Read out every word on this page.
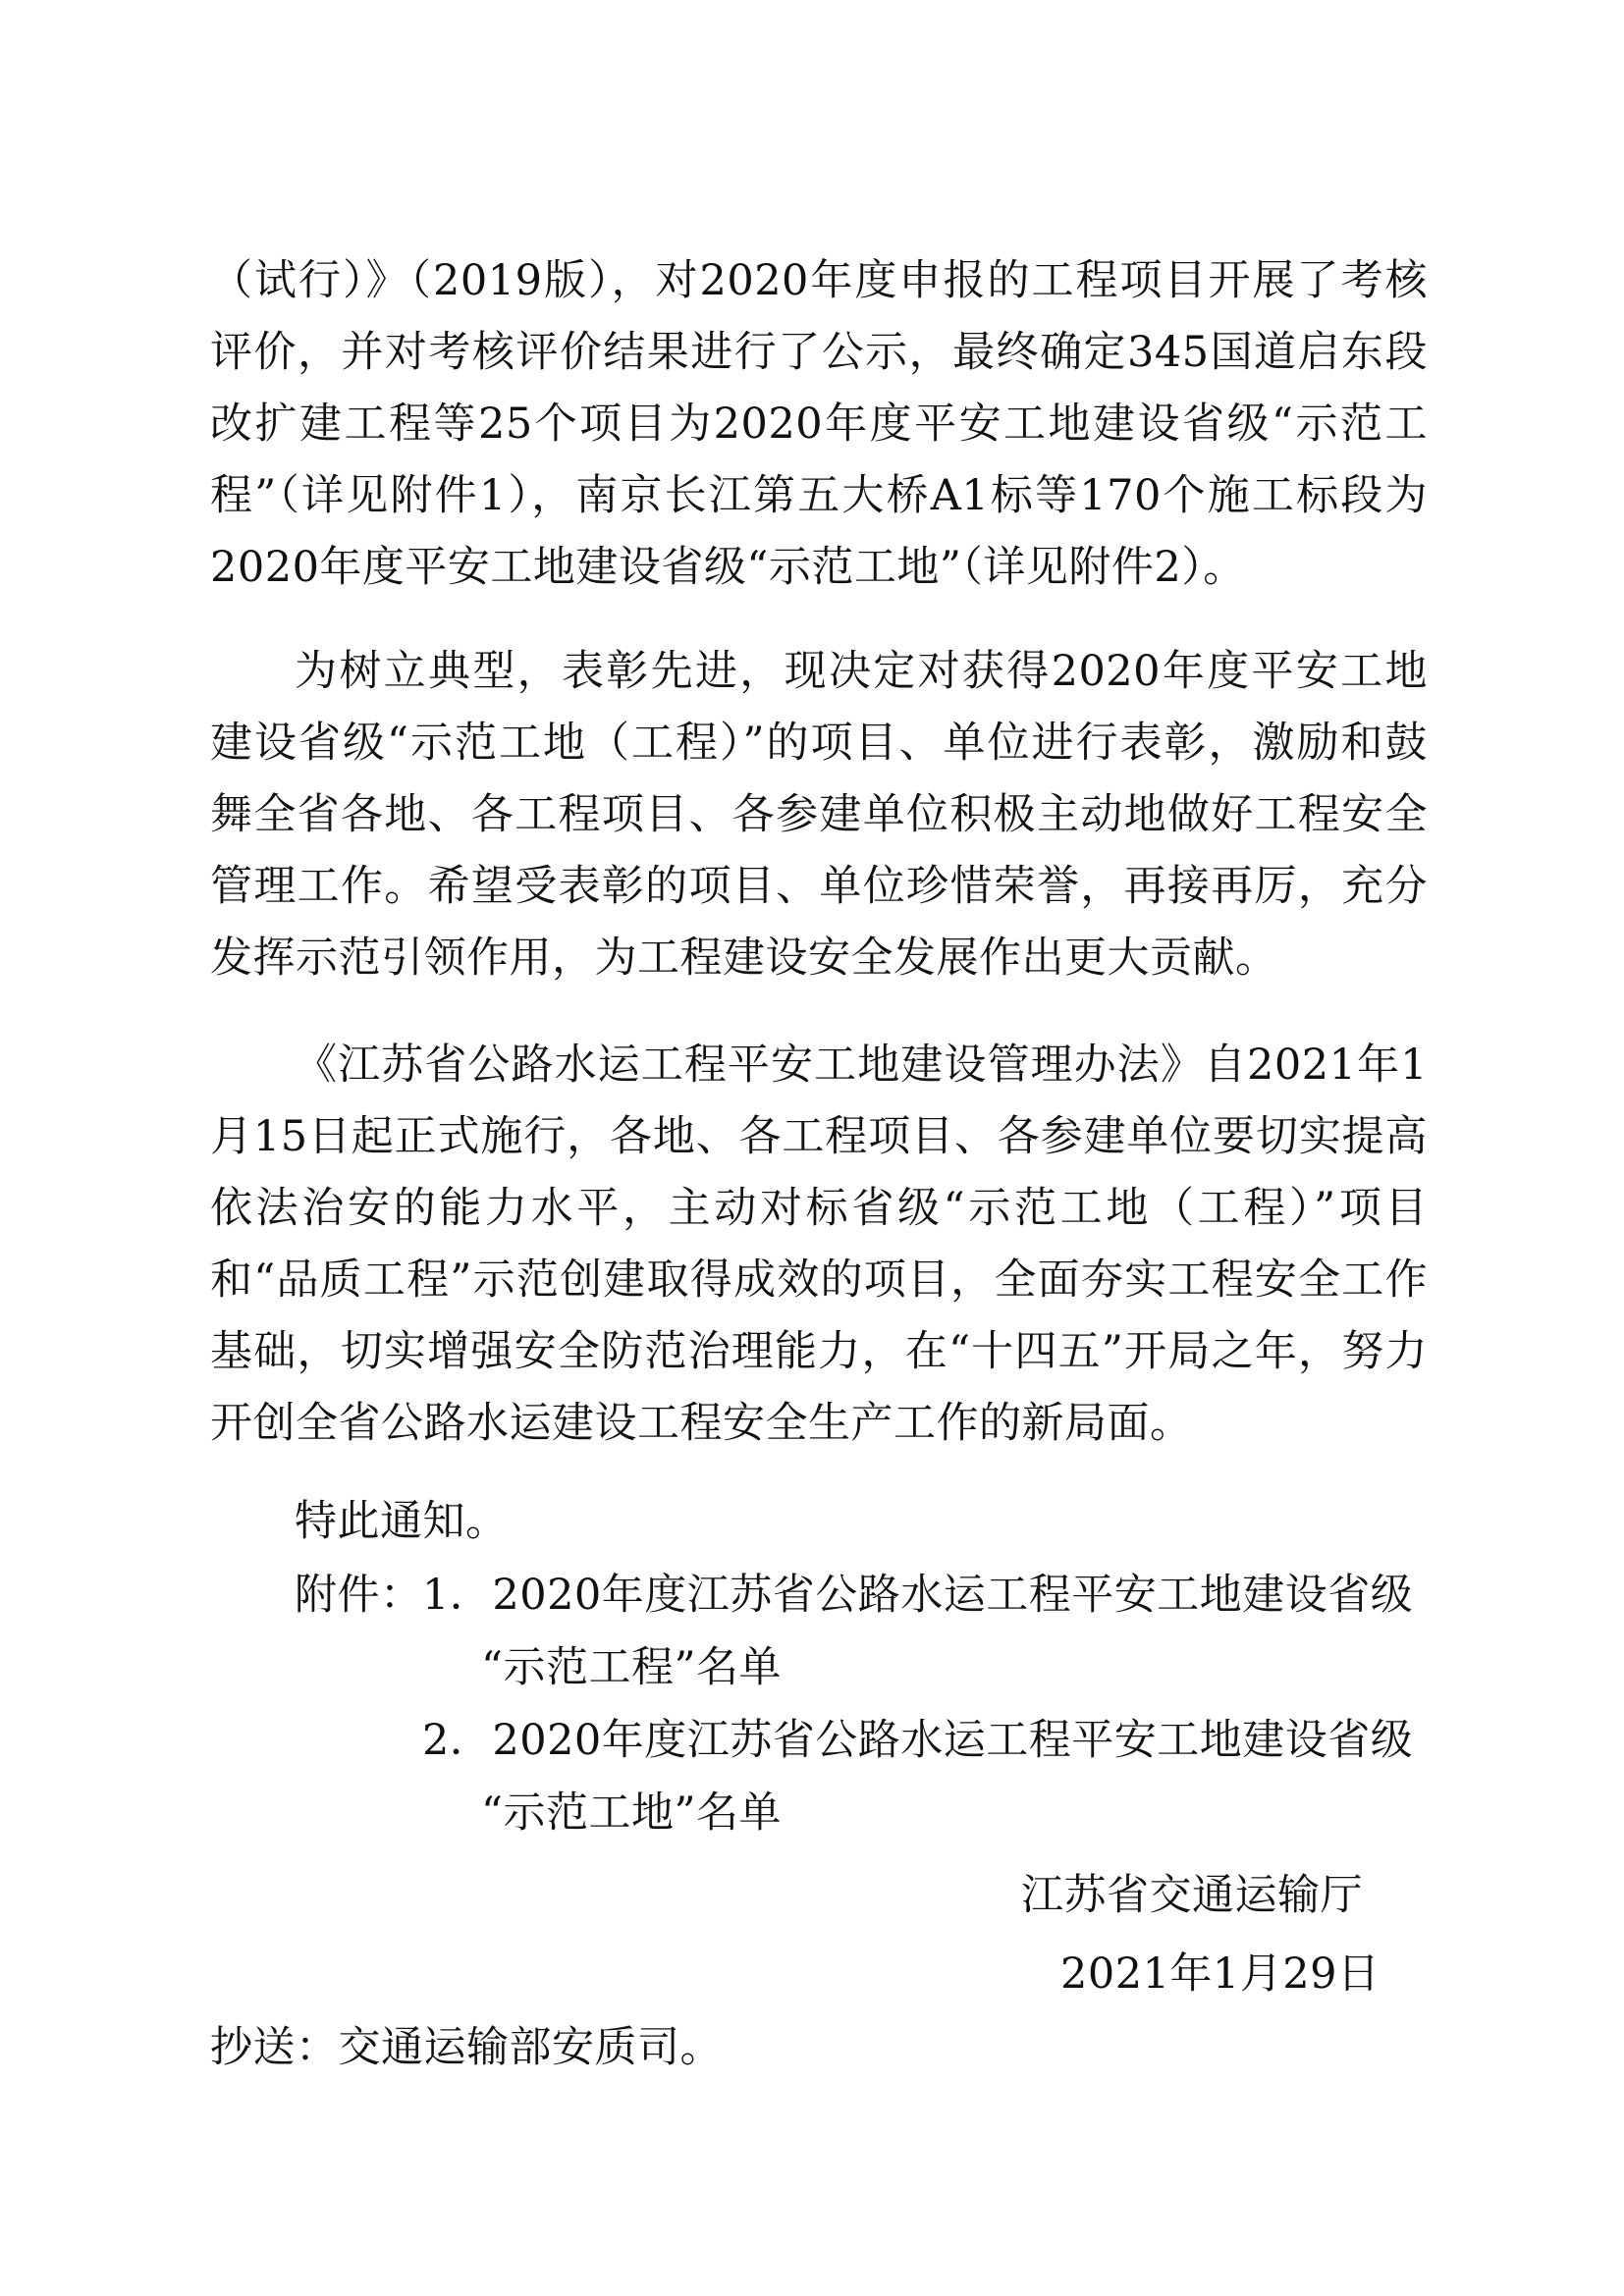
（试行）》（2019版），对2020年度申报的工程项目开展了考核评价，并对考核评价结果进行了公示，最终确定345国道启东段改扩建工程等25个项目为2020年度平安工地建设省级“示范工程”（详见附件1），南京长江第五大桥A1标等170个施工标段为2020年度平安工地建设省级“示范工地”（详见附件2）。

为树立典型，表彰先进，现决定对获得2020年度平安工地建设省级“示范工地（工程）”的项目、单位进行表彰，激励和鼓舞全省各地、各工程项目、各参建单位积极主动地做好工程安全管理工作。希望受表彰的项目、单位珍惜荣誉，再接再厉，充分发挥示范引领作用，为工程建设安全发展作出更大贡献。

《江苏省公路水运工程平安工地建设管理办法》自2021年1月15日起正式施行，各地、各工程项目、各参建单位要切实提高依法治安的能力水平，主动对标省级“示范工地（工程）”项目和“品质工程”示范创建取得成效的项目，全面夯实工程安全工作基础，切实增强安全防范治理能力，在“十四五”开局之年，努力开创全省公路水运建设工程安全生产工作的新局面。

特此通知。

附件： 1．2020年度江苏省公路水运工程平安工地建设省级
“示范工程”名单
2．2020年度江苏省公路水运工程平安工地建设省级
“示范工地”名单
江苏省交通运输厅
2021年1月29日
抄送：交通运输部安质司。
